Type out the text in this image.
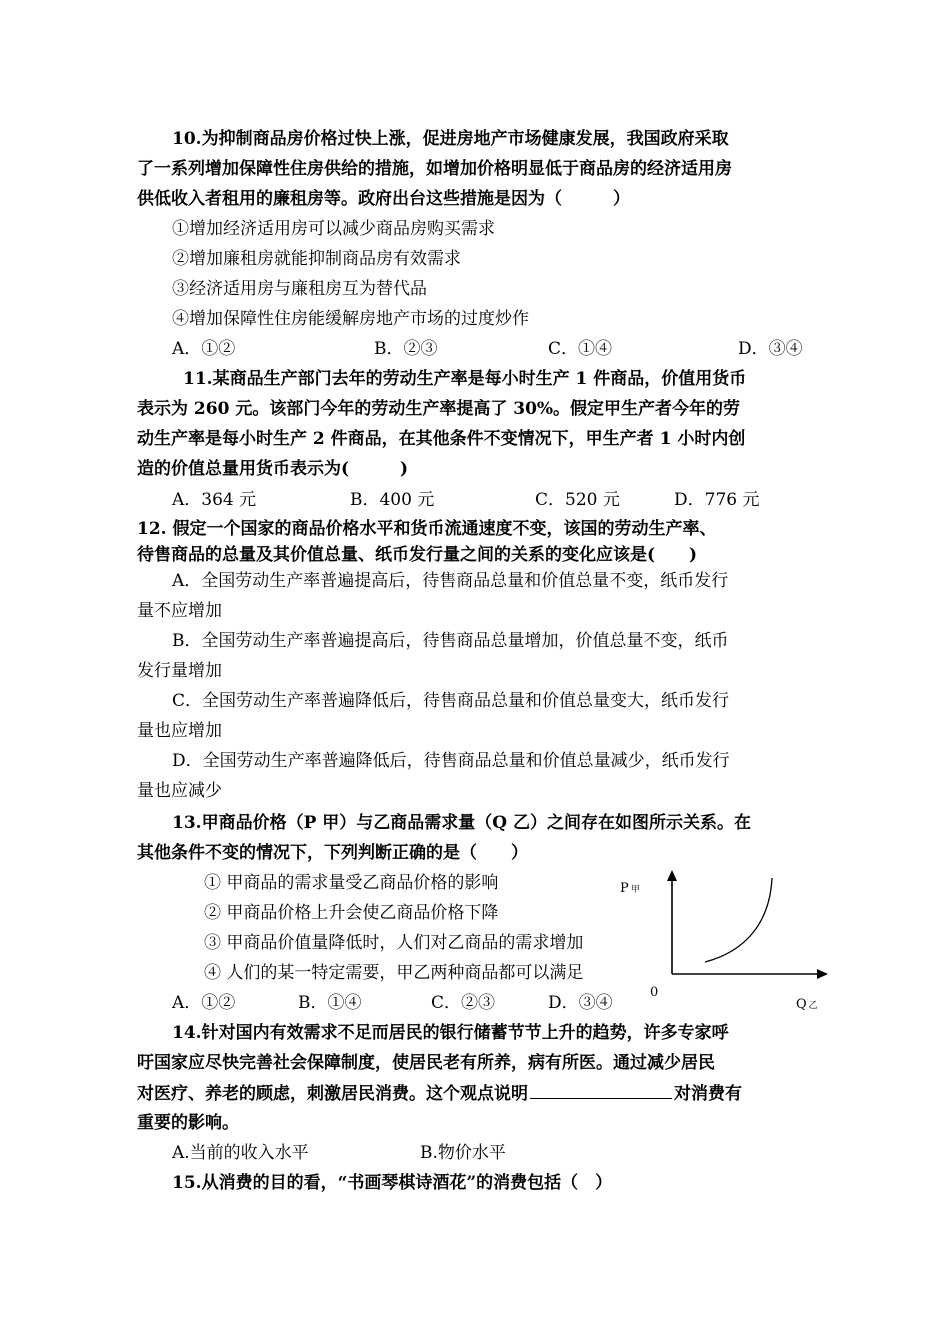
10.为抑制商品房价格过快上涨，促进房地产市场健康发展，我国政府采取
了一系列增加保障性住房供给的措施，如增加价格明显低于商品房的经济适用房
供低收入者租用的廉租房等。政府出台这些措施是因为（　　　）
①增加经济适用房可以减少商品房购买需求
②增加廉租房就能抑制商品房有效需求
③经济适用房与廉租房互为替代品
④增加保障性住房能缓解房地产市场的过度炒作
A．①②	B．②③	C．①④	D．③④
11.某商品生产部门去年的劳动生产率是每小时生产 1 件商品，价值用货币
表示为 260 元。该部门今年的劳动生产率提高了 30%。假定甲生产者今年的劳
动生产率是每小时生产 2 件商品，在其他条件不变情况下，甲生产者 1 小时内创
造的价值总量用货币表示为(　　　)
A．364 元	B．400 元	C．520 元	D．776 元
12. 假定一个国家的商品价格水平和货币流通速度不变，该国的劳动生产率、
待售商品的总量及其价值总量、纸币发行量之间的关系的变化应该是(　　)
A．全国劳动生产率普遍提高后，待售商品总量和价值总量不变，纸币发行
量不应增加
B．全国劳动生产率普遍提高后，待售商品总量增加，价值总量不变，纸币
发行量增加
C．全国劳动生产率普遍降低后，待售商品总量和价值总量变大，纸币发行
量也应增加
D．全国劳动生产率普遍降低后，待售商品总量和价值总量减少，纸币发行
量也应减少
13.甲商品价格（P 甲）与乙商品需求量（Q 乙）之间存在如图所示关系。在
其他条件不变的情况下，下列判断正确的是（　　）
① 甲商品的需求量受乙商品价格的影响
② 甲商品价格上升会使乙商品价格下降
③ 甲商品价值量降低时，人们对乙商品的需求增加
④ 人们的某一特定需要，甲乙两种商品都可以满足
A．①②	B．①④	C．②③	D．③④
P 甲
0
Q 乙
14.针对国内有效需求不足而居民的银行储蓄节节上升的趋势，许多专家呼
吁国家应尽快完善社会保障制度，使居民老有所养，病有所医。通过减少居民
对医疗、养老的顾虑，刺激居民消费。这个观点说明	对消费有
重要的影响。
A.当前的收入水平	B.物价水平
15.从消费的目的看，“书画琴棋诗酒花”的消费包括（　）
